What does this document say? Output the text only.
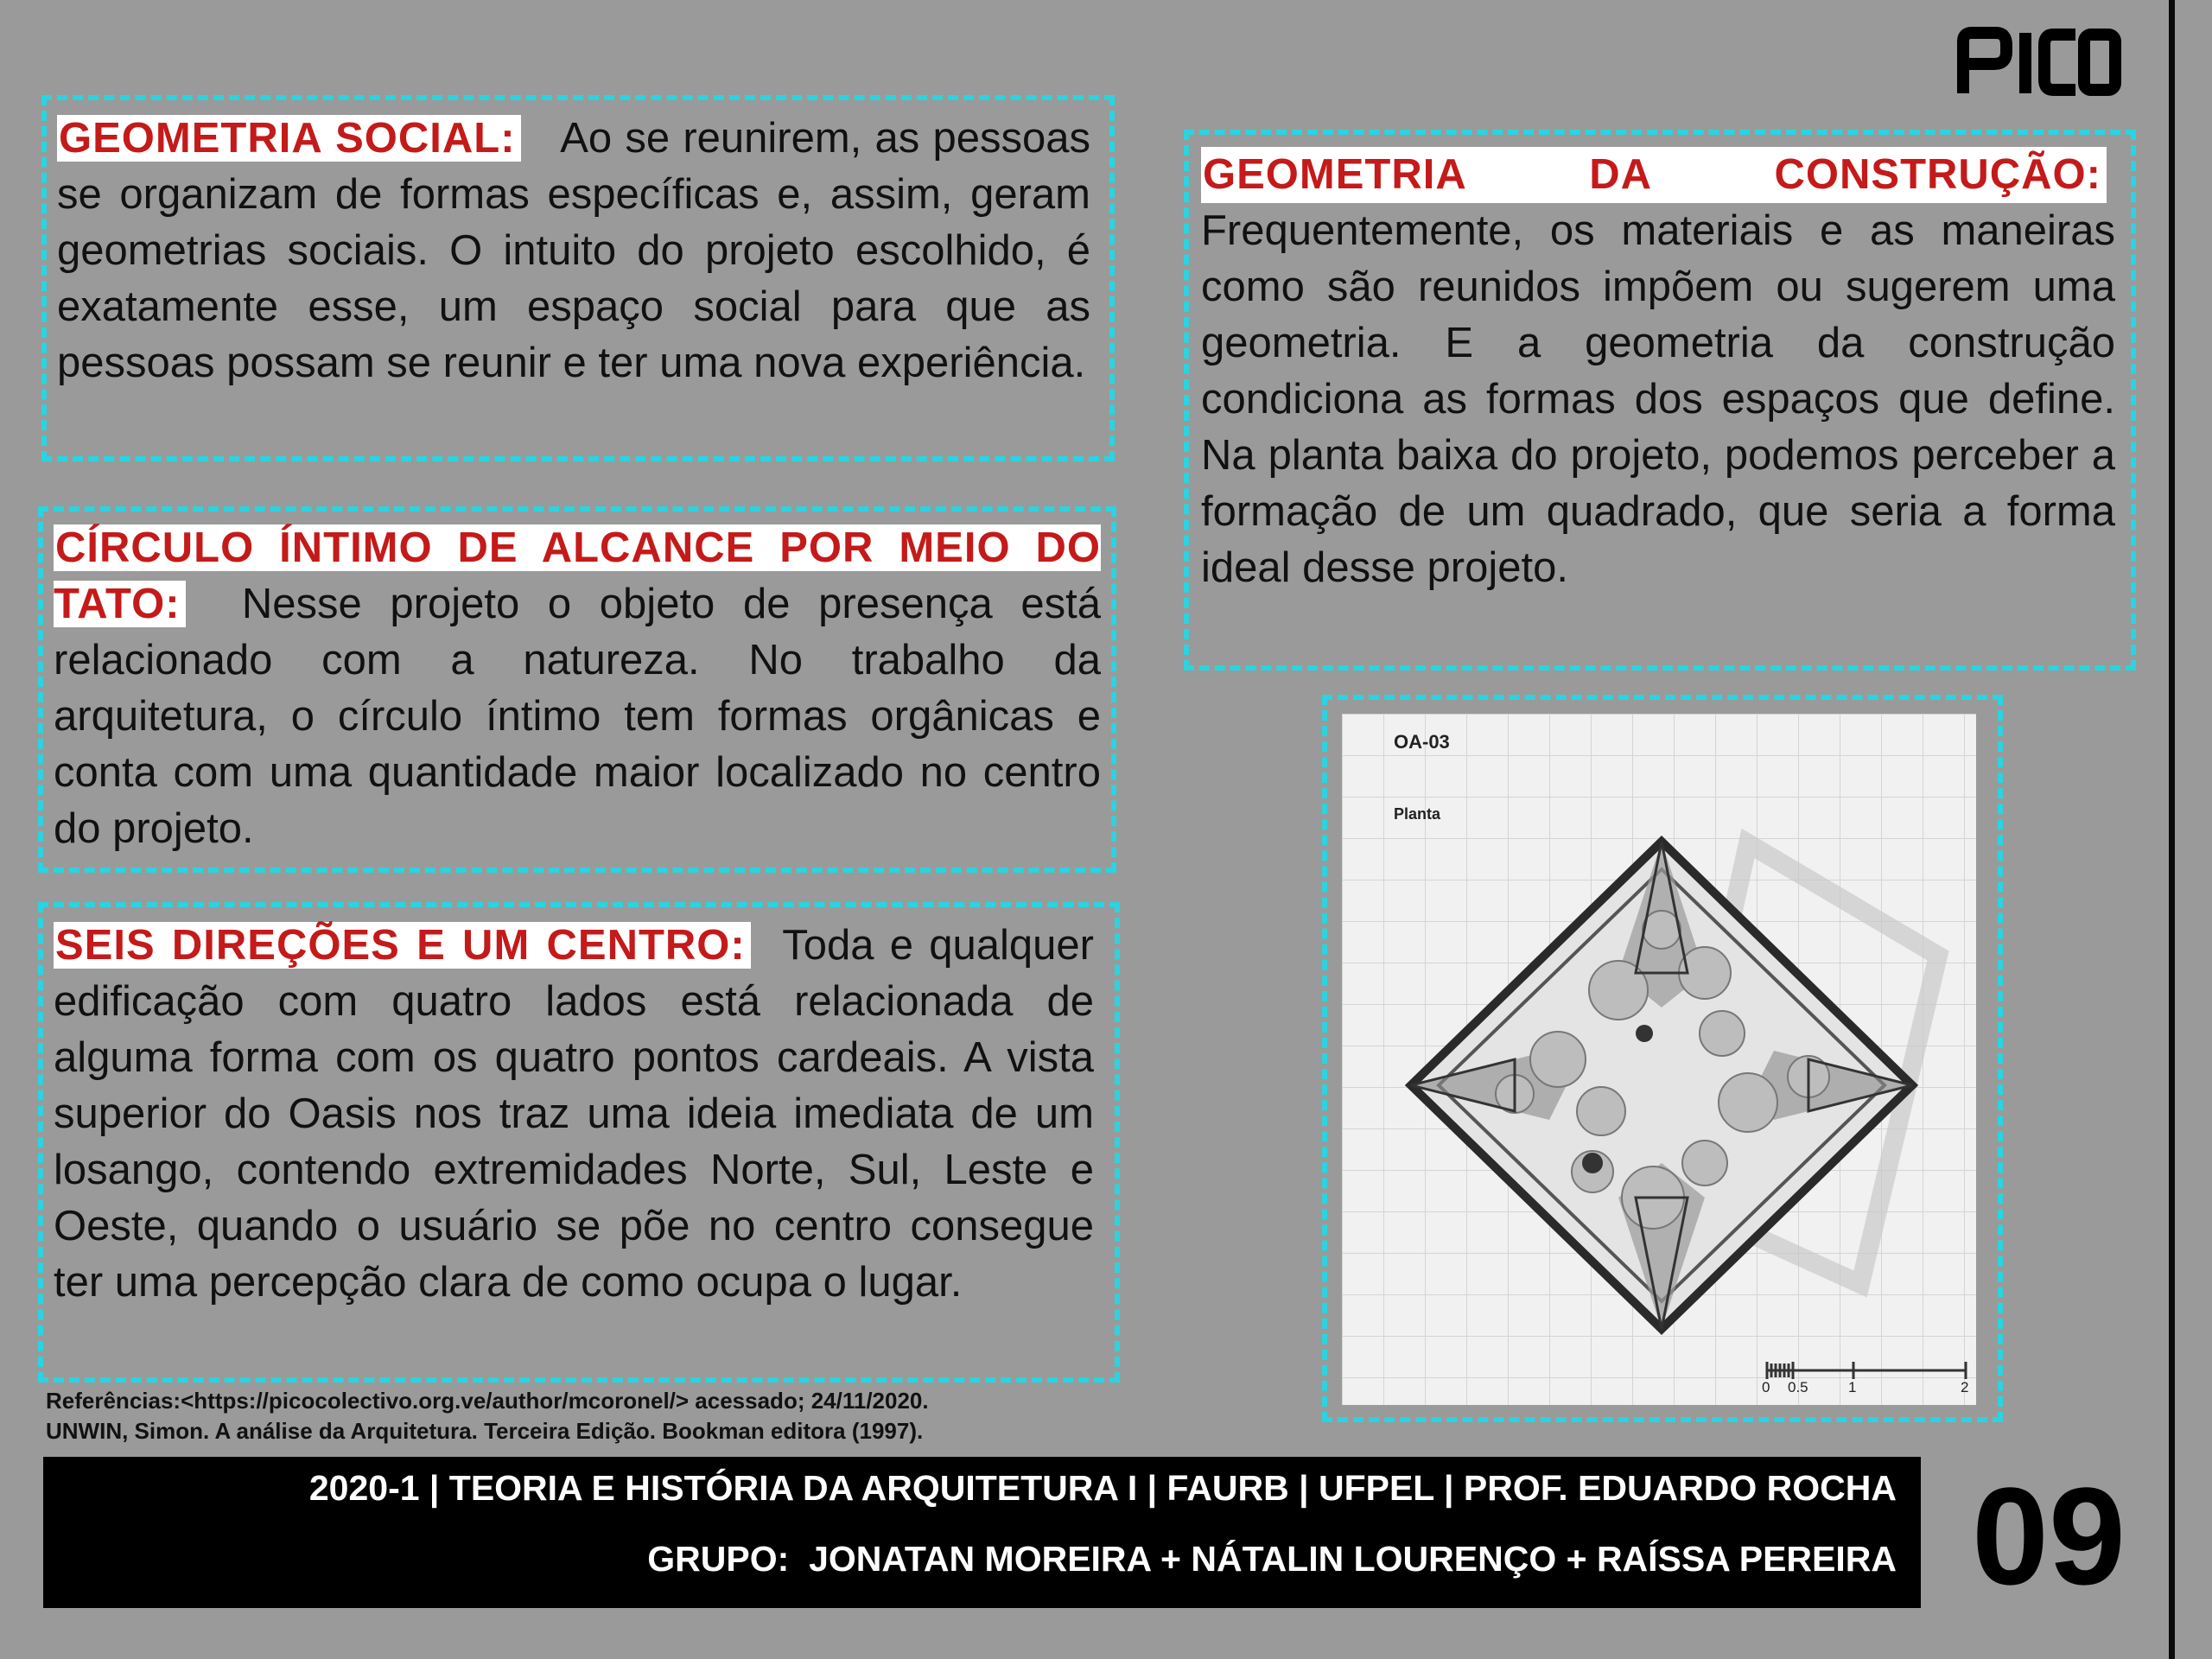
GEOMETRIA SOCIAL: Ao se reunirem, as pessoas se organizam de formas específicas e, assim, geram geometrias sociais. O intuito do projeto escolhido, é exatamente esse, um espaço social para que as pessoas possam se reunir e ter uma nova experiência.
CÍRCULO ÍNTIMO DE ALCANCE POR MEIO DO TATO: Nesse projeto o objeto de presença está relacionado com a natureza. No trabalho da arquitetura, o círculo íntimo tem formas orgânicas e conta com uma quantidade maior localizado no centro do projeto.
SEIS DIREÇÕES E UM CENTRO: Toda e qualquer edificação com quatro lados está relacionada de alguma forma com os quatro pontos cardeais. A vista superior do Oasis nos traz uma ideia imediata de um losango, contendo extremidades Norte, Sul, Leste e Oeste, quando o usuário se põe no centro consegue ter uma percepção clara de como ocupa o lugar.
GEOMETRIA DA CONSTRUÇÃO:
Frequentemente, os materiais e as maneiras como são reunidos impõem ou sugerem uma geometria. E a geometria da construção condiciona as formas dos espaços que define. Na planta baixa do projeto, podemos perceber a formação de um quadrado, que seria a forma ideal desse projeto.
OA-03
Planta
0 0.5	1	2
Referências:<https://picocolectivo.org.ve/author/mcoronel/> acessado; 24/11/2020.
UNWIN, Simon. A análise da Arquitetura. Terceira Edição. Bookman editora (1997).
2020-1 | TEORIA E HISTÓRIA DA ARQUITETURA I | FAURB | UFPEL | PROF. EDUARDO ROCHA
GRUPO:  JONATAN MOREIRA + NÁTALIN LOURENÇO + RAÍSSA PEREIRA 09
